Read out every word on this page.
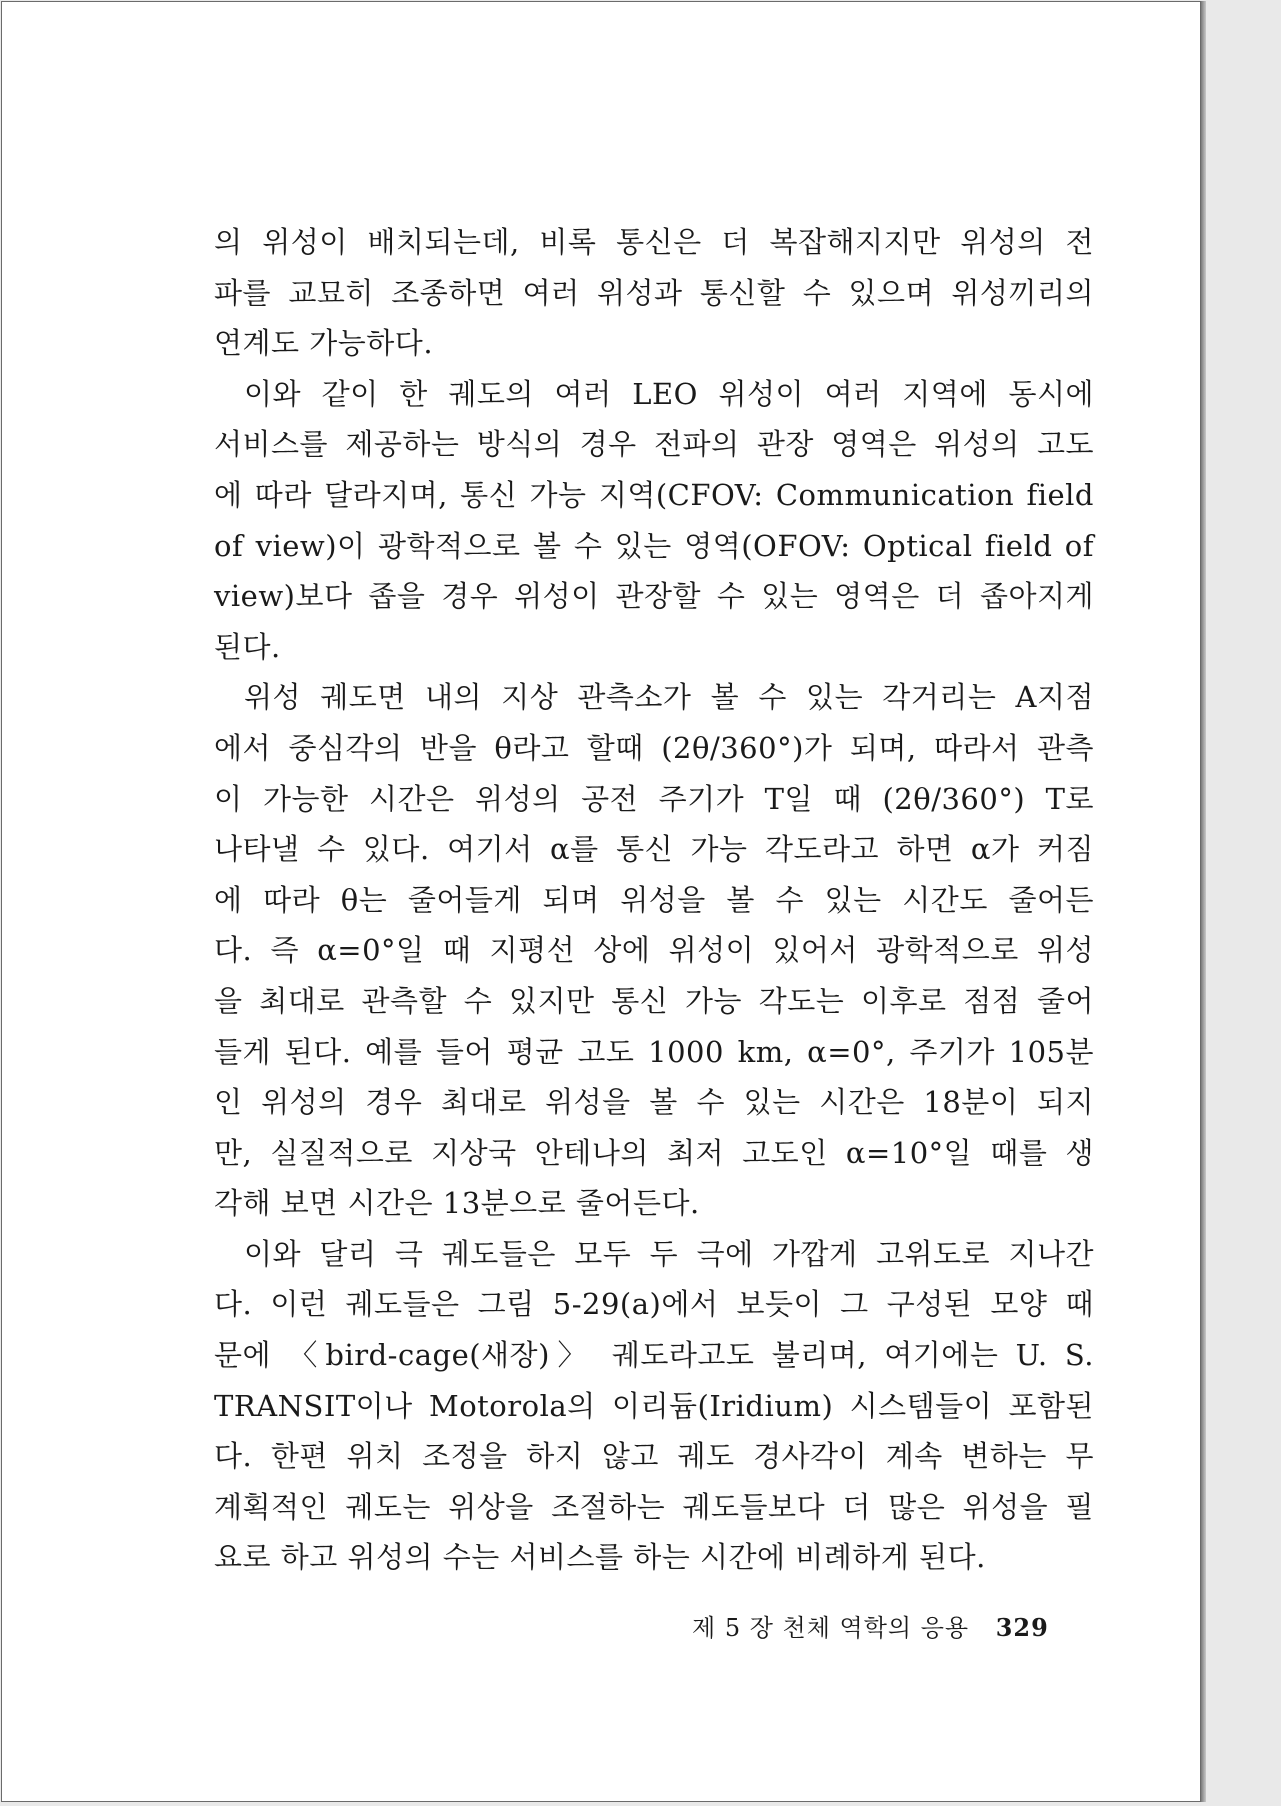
의 위성이 배치되는데, 비록 통신은 더 복잡해지지만 위성의 전
파를 교묘히 조종하면 여러 위성과 통신할 수 있으며 위성끼리의
연계도 가능하다.
이와 같이 한 궤도의 여러 LEO 위성이 여러 지역에 동시에
서비스를 제공하는 방식의 경우 전파의 관장 영역은 위성의 고도
에 따라 달라지며, 통신 가능 지역(CFOV: Communication field
of view)이 광학적으로 볼 수 있는 영역(OFOV: Optical field of
view)보다 좁을 경우 위성이 관장할 수 있는 영역은 더 좁아지게
된다.
위성 궤도면 내의 지상 관측소가 볼 수 있는 각거리는 A지점
에서 중심각의 반을 θ라고 할때 (2θ/360°)가 되며, 따라서 관측
이 가능한 시간은 위성의 공전 주기가 T일 때 (2θ/360°) T로
나타낼 수 있다. 여기서 α를 통신 가능 각도라고 하면 α가 커짐
에 따라 θ는 줄어들게 되며 위성을 볼 수 있는 시간도 줄어든
다. 즉 α=0°일 때 지평선 상에 위성이 있어서 광학적으로 위성
을 최대로 관측할 수 있지만 통신 가능 각도는 이후로 점점 줄어
들게 된다. 예를 들어 평균 고도 1000 km, α=0°, 주기가 105분
인 위성의 경우 최대로 위성을 볼 수 있는 시간은 18분이 되지
만, 실질적으로 지상국 안테나의 최저 고도인 α=10°일 때를 생
각해 보면 시간은 13분으로 줄어든다.
이와 달리 극 궤도들은 모두 두 극에 가깝게 고위도로 지나간
다. 이런 궤도들은 그림 5-29(a)에서 보듯이 그 구성된 모양 때
문에 〈bird-cage(새장)〉 궤도라고도 불리며, 여기에는 U. S.
TRANSIT이나 Motorola의 이리듐(Iridium) 시스템들이 포함된
다. 한편 위치 조정을 하지 않고 궤도 경사각이 계속 변하는 무
계획적인 궤도는 위상을 조절하는 궤도들보다 더 많은 위성을 필
요로 하고 위성의 수는 서비스를 하는 시간에 비례하게 된다.
제 5 장 천체 역학의 응용 329
